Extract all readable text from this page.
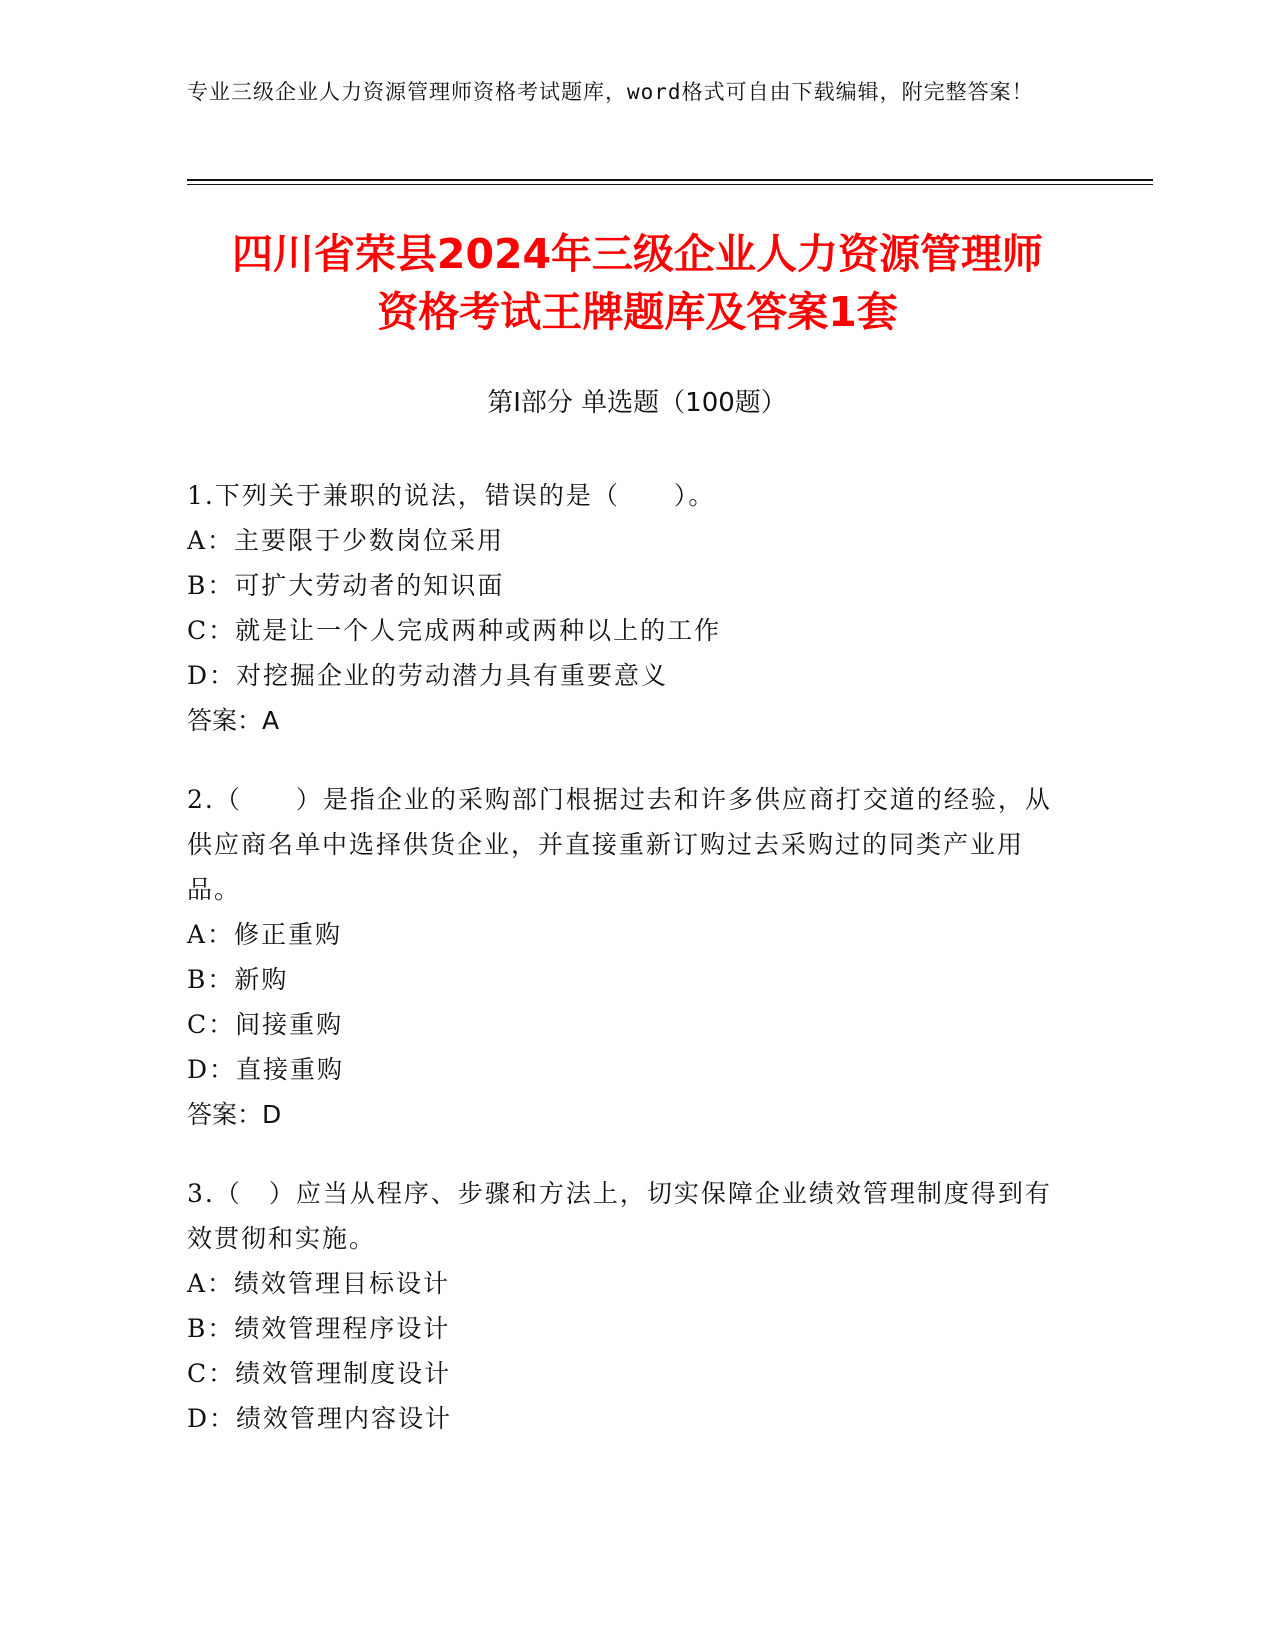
专业三级企业人力资源管理师资格考试题库，word格式可自由下载编辑，附完整答案！
四川省荣县2024年三级企业人力资源管理师
资格考试王牌题库及答案1套
第I部分 单选题（100题）

1.下列关于兼职的说法，错误的是（　　）。

A：主要限于少数岗位采用

B：可扩大劳动者的知识面

C：就是让一个人完成两种或两种以上的工作

D：对挖掘企业的劳动潜力具有重要意义

答案：A

2.（　　）是指企业的采购部门根据过去和许多供应商打交道的经验，从供应商名单中选择供货企业，并直接重新订购过去采购过的同类产业用品。

A：修正重购

B：新购

C：间接重购

D：直接重购

答案：D

3.（　）应当从程序、步骤和方法上，切实保障企业绩效管理制度得到有效贯彻和实施。

A：绩效管理目标设计

B：绩效管理程序设计

C：绩效管理制度设计

D：绩效管理内容设计
